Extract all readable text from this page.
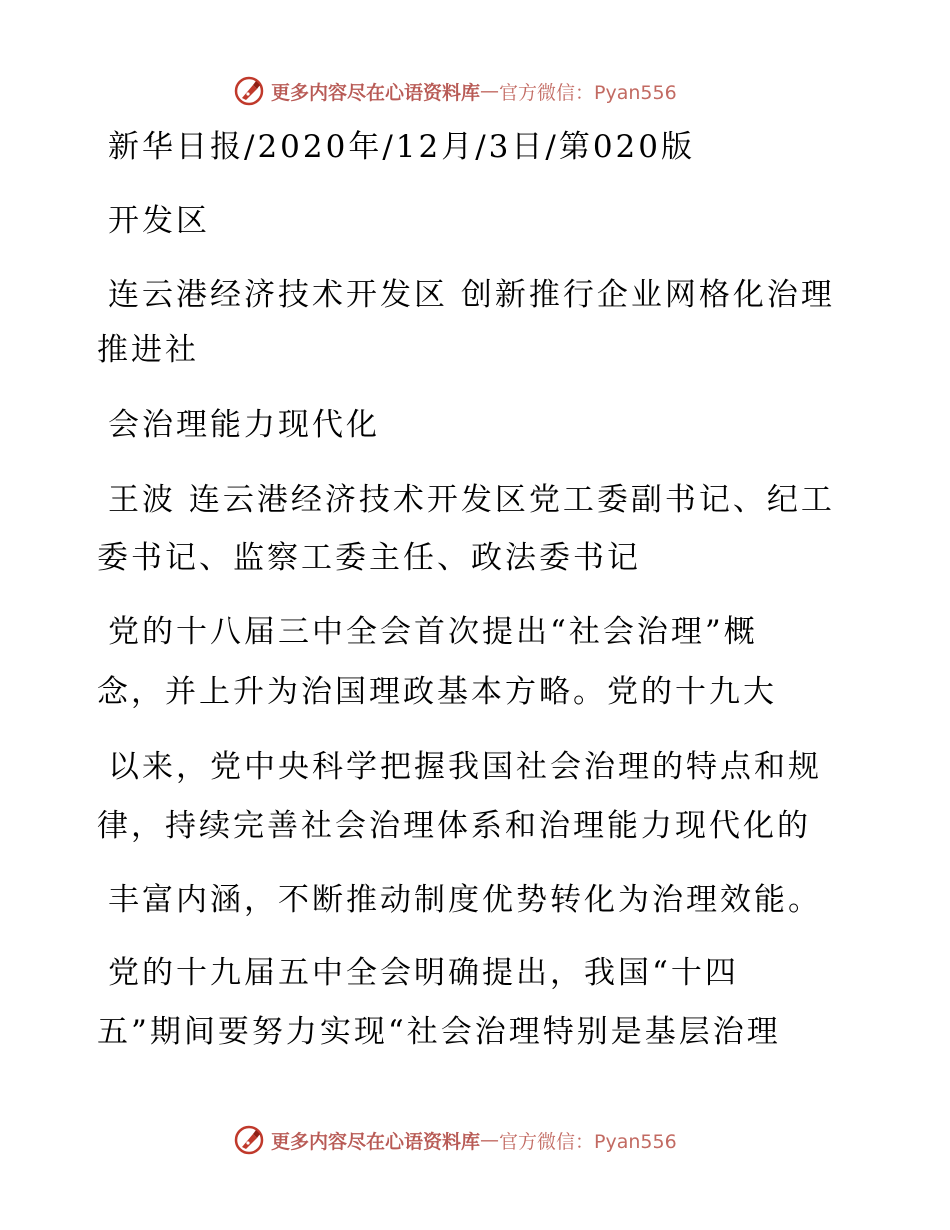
更多内容尽在心语资料库 — 官方微信：Pyan556

新华日报/2020年/12月/3日/第020版

开发区

连云港经济技术开发区 创新推行企业网格化治理

推进社

会治理能力现代化

王波 连云港经济技术开发区党工委副书记、纪工

委书记、监察工委主任、政法委书记

党的十八届三中全会首次提出“社会治理”概

念，并上升为治国理政基本方略。党的十九大

以来，党中央科学把握我国社会治理的特点和规

律，持续完善社会治理体系和治理能力现代化的

丰富内涵，不断推动制度优势转化为治理效能。

党的十九届五中全会明确提出，我国“十四

五”期间要努力实现“社会治理特别是基层治理

更多内容尽在心语资料库 — 官方微信：Pyan556
